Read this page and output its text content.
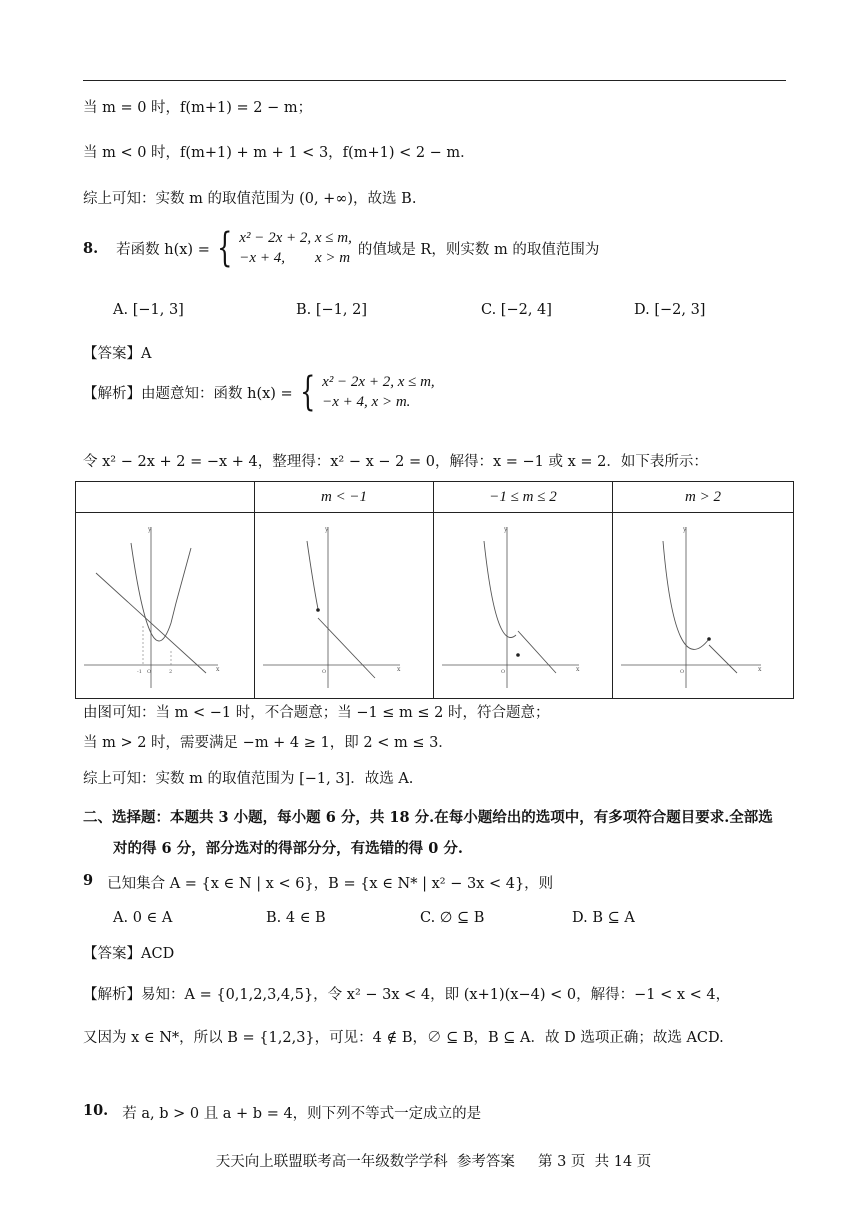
当 m = 0 时，f(m+1) = 2 − m；
当 m < 0 时，f(m+1) + m + 1 < 3，f(m+1) < 2 − m．
综上可知：实数 m 的取值范围为 (0, +∞)，故选 B.
8. 若函数 h(x) = { x² − 2x + 2, x ≤ m,
−x + 4,        x > m
的值域是 R，则实数 m 的取值范围为
A. [−1, 3]	B. [−1, 2]	C. [−2, 4]	D. [−2, 3]
【答案】A
【解析】由题意知：函数 h(x) = { x² − 2x + 2, x ≤ m,
−x + 4, x > m.
令 x² − 2x + 2 = −x + 4，整理得：x² − x − 2 = 0，解得：x = −1 或 x = 2．如下表所示：
	m < −1	−1 ≤ m ≤ 2	m > 2

y
x
-1 O 2	y
x
O	y
x
O	y
x
O
由图可知：当 m < −1 时，不合题意；当 −1 ≤ m ≤ 2 时，符合题意；
当 m > 2 时，需要满足 −m + 4 ≥ 1，即 2 < m ≤ 3．
综上可知：实数 m 的取值范围为 [−1, 3]．故选 A.
二、选择题：本题共 3 小题，每小题 6 分，共 18 分.在每小题给出的选项中，有多项符合题目要求.全部选
对的得 6 分，部分选对的得部分分，有选错的得 0 分.
9 已知集合 A = {x ∈ N | x < 6}，B = {x ∈ N* | x² − 3x < 4}，则
A. 0 ∈ A	B. 4 ∈ B	C. ∅ ⊆ B	D. B ⊆ A
【答案】ACD
【解析】易知：A = {0,1,2,3,4,5}，令 x² − 3x < 4，即 (x+1)(x−4) < 0，解得：−1 < x < 4，
又因为 x ∈ N*，所以 B = {1,2,3}，可见：4 ∉ B，∅ ⊆ B，B ⊆ A．故 D 选项正确；故选 ACD.
10. 若 a, b > 0 且 a + b = 4，则下列不等式一定成立的是
天天向上联盟联考高一年级数学学科  参考答案     第 3 页  共 14 页
